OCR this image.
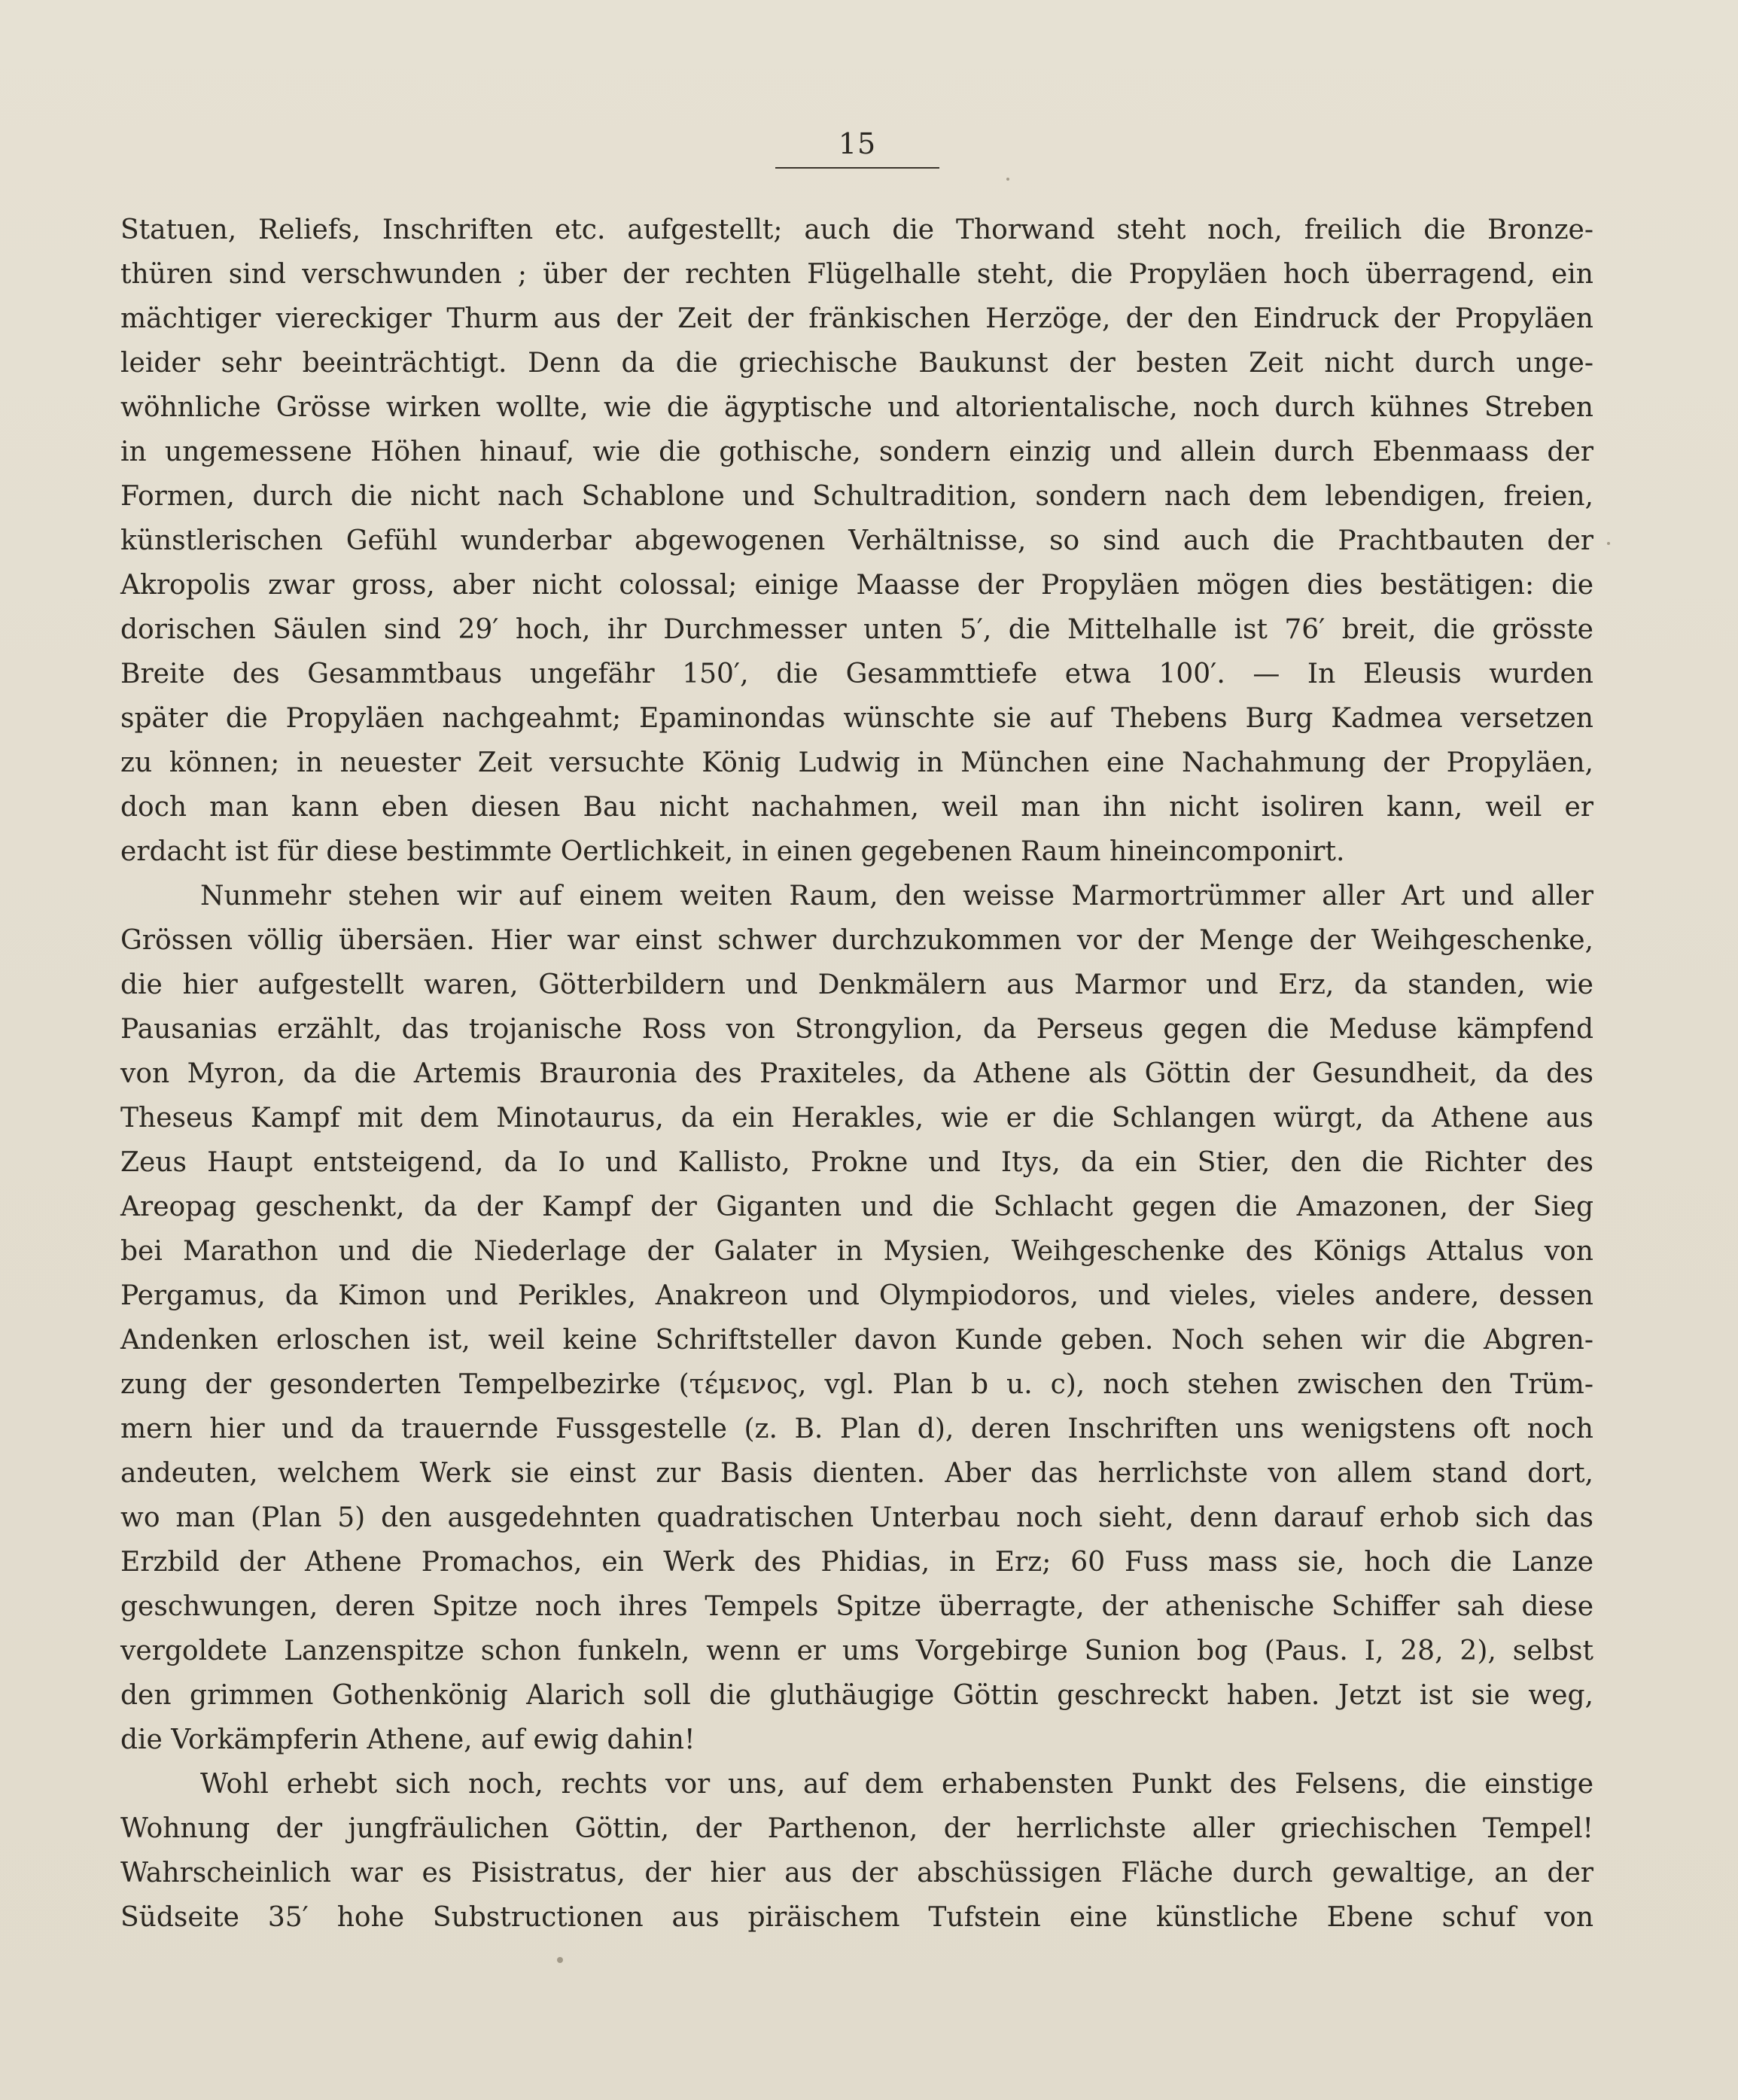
15
Statuen, Reliefs, Inschriften etc. aufgestellt; auch die Thorwand steht noch, freilich die Bronze-
thüren sind verschwunden ; über der rechten Flügelhalle steht, die Propyläen hoch überragend, ein
mächtiger viereckiger Thurm aus der Zeit der fränkischen Herzöge, der den Eindruck der Propyläen
leider sehr beeinträchtigt. Denn da die griechische Baukunst der besten Zeit nicht durch unge-
wöhnliche Grösse wirken wollte, wie die ägyptische und altorientalische, noch durch kühnes Streben
in ungemessene Höhen hinauf, wie die gothische, sondern einzig und allein durch Ebenmaass der
Formen, durch die nicht nach Schablone und Schultradition, sondern nach dem lebendigen, freien,
künstlerischen Gefühl wunderbar abgewogenen Verhältnisse, so sind auch die Prachtbauten der
Akropolis zwar gross, aber nicht colossal; einige Maasse der Propyläen mögen dies bestätigen: die
dorischen Säulen sind 29′ hoch, ihr Durchmesser unten 5′, die Mittelhalle ist 76′ breit, die grösste
Breite des Gesammtbaus ungefähr 150′, die Gesammttiefe etwa 100′. — In Eleusis wurden
später die Propyläen nachgeahmt; Epaminondas wünschte sie auf Thebens Burg Kadmea versetzen
zu können; in neuester Zeit versuchte König Ludwig in München eine Nachahmung der Propyläen,
doch man kann eben diesen Bau nicht nachahmen, weil man ihn nicht isoliren kann, weil er
erdacht ist für diese bestimmte Oertlichkeit, in einen gegebenen Raum hineincomponirt.
Nunmehr stehen wir auf einem weiten Raum, den weisse Marmortrümmer aller Art und aller
Grössen völlig übersäen. Hier war einst schwer durchzukommen vor der Menge der Weihgeschenke,
die hier aufgestellt waren, Götterbildern und Denkmälern aus Marmor und Erz, da standen, wie
Pausanias erzählt, das trojanische Ross von Strongylion, da Perseus gegen die Meduse kämpfend
von Myron, da die Artemis Brauronia des Praxiteles, da Athene als Göttin der Gesundheit, da des
Theseus Kampf mit dem Minotaurus, da ein Herakles, wie er die Schlangen würgt, da Athene aus
Zeus Haupt entsteigend, da Io und Kallisto, Prokne und Itys, da ein Stier, den die Richter des
Areopag geschenkt, da der Kampf der Giganten und die Schlacht gegen die Amazonen, der Sieg
bei Marathon und die Niederlage der Galater in Mysien, Weihgeschenke des Königs Attalus von
Pergamus, da Kimon und Perikles, Anakreon und Olympiodoros, und vieles, vieles andere, dessen
Andenken erloschen ist, weil keine Schriftsteller davon Kunde geben. Noch sehen wir die Abgren-
zung der gesonderten Tempelbezirke (τέμενος, vgl. Plan b u. c), noch stehen zwischen den Trüm-
mern hier und da trauernde Fussgestelle (z. B. Plan d), deren Inschriften uns wenigstens oft noch
andeuten, welchem Werk sie einst zur Basis dienten. Aber das herrlichste von allem stand dort,
wo man (Plan 5) den ausgedehnten quadratischen Unterbau noch sieht, denn darauf erhob sich das
Erzbild der Athene Promachos, ein Werk des Phidias, in Erz; 60 Fuss mass sie, hoch die Lanze
geschwungen, deren Spitze noch ihres Tempels Spitze überragte, der athenische Schiffer sah diese
vergoldete Lanzenspitze schon funkeln, wenn er ums Vorgebirge Sunion bog (Paus. I, 28, 2), selbst
den grimmen Gothenkönig Alarich soll die gluthäugige Göttin geschreckt haben. Jetzt ist sie weg,
die Vorkämpferin Athene, auf ewig dahin!
Wohl erhebt sich noch, rechts vor uns, auf dem erhabensten Punkt des Felsens, die einstige
Wohnung der jungfräulichen Göttin, der Parthenon, der herrlichste aller griechischen Tempel!
Wahrscheinlich war es Pisistratus, der hier aus der abschüssigen Fläche durch gewaltige, an der
Südseite 35′ hohe Substructionen aus piräischem Tufstein eine künstliche Ebene schuf von
